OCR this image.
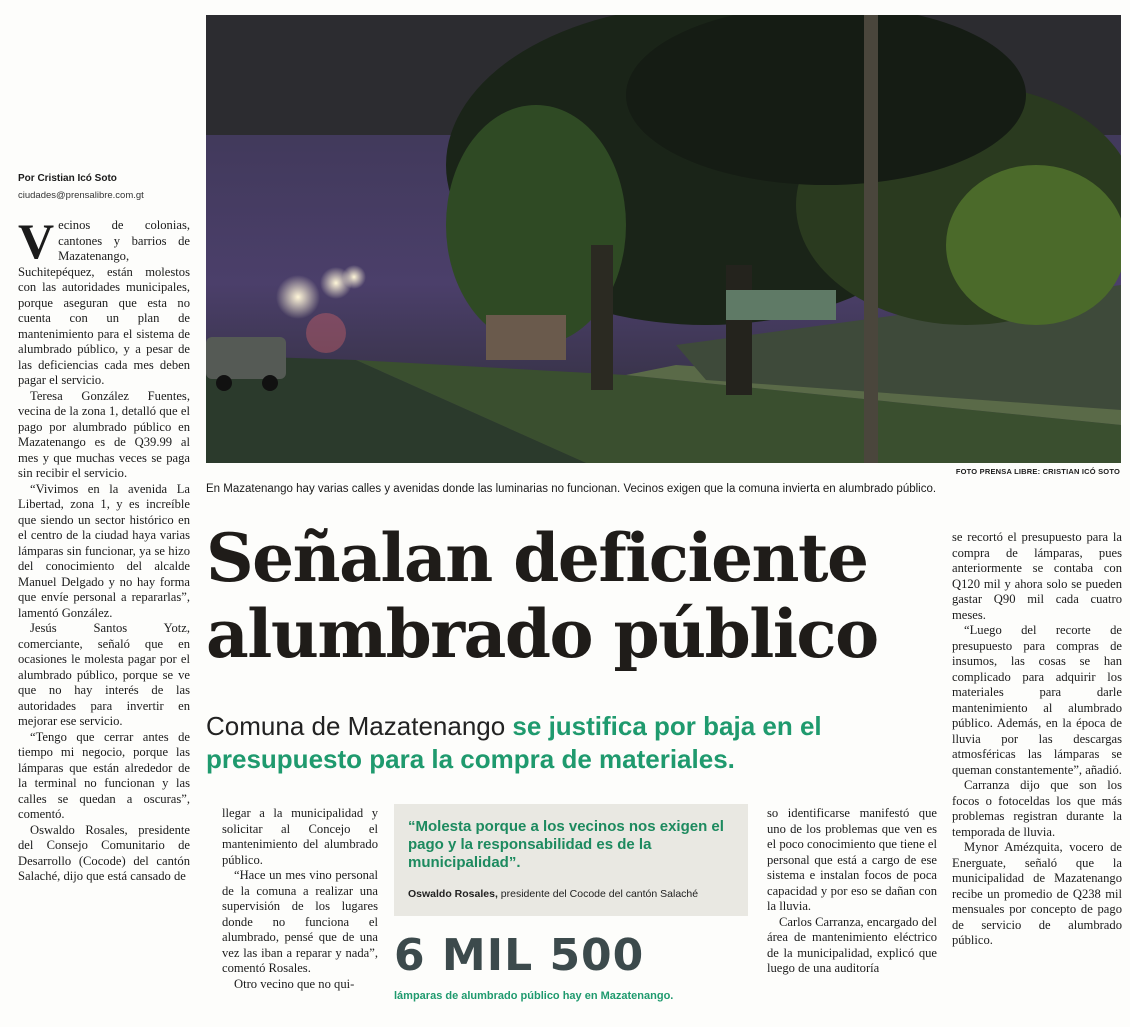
Por Cristian Icó Soto
ciudades@prensalibre.com.gt

Vecinos de colonias, cantones y barrios de Mazatenango, Suchitepéquez, están molestos con las autoridades municipales, porque aseguran que esta no cuenta con un plan de mantenimiento para el sistema de alumbrado público, y a pesar de las deficiencias cada mes deben pagar el servicio.

Teresa González Fuentes, vecina de la zona 1, detalló que el pago por alumbrado público en Mazatenango es de Q39.99 al mes y que muchas veces se paga sin recibir el servicio.

“Vivimos en la avenida La Libertad, zona 1, y es increíble que siendo un sector histórico en el centro de la ciudad haya varias lámparas sin funcionar, ya se hizo del conocimiento del alcalde Manuel Delgado y no hay forma que envíe personal a repararlas”, lamentó González.

Jesús Santos Yotz, comerciante, señaló que en ocasiones le molesta pagar por el alumbrado público, porque se ve que no hay interés de las autoridades para invertir en mejorar ese servicio.

“Tengo que cerrar antes de tiempo mi negocio, porque las lámparas que están alrededor de la terminal no funcionan y las calles se quedan a oscuras”, comentó.

Oswaldo Rosales, presidente del Consejo Comunitario de Desarrollo (Cocode) del cantón Salaché, dijo que está cansado de

FOTO PRENSA LIBRE: CRISTIAN ICÓ SOTO
En Mazatenango hay varias calles y avenidas donde las luminarias no funcionan. Vecinos exigen que la comuna invierta en alumbrado público.
Señalan deficiente
alumbrado público
Comuna de Mazatenango se justifica por baja en el presupuesto para la compra de materiales.

llegar a la municipalidad y solicitar al Concejo el mantenimiento del alumbrado público.

“Hace un mes vino personal de la comuna a realizar una supervisión de los lugares donde no funciona el alumbrado, pensé que de una vez las iban a reparar y nada”, comentó Rosales.

Otro vecino que no qui-

“Molesta porque a los vecinos nos exigen el pago y la responsabilidad es de la municipalidad”.
Oswaldo Rosales, presidente del Cocode del cantón Salaché
6 MIL 500
lámparas de alumbrado público hay en Mazatenango.

so identificarse manifestó que uno de los problemas que ven es el poco conocimiento que tiene el personal que está a cargo de ese sistema e instalan focos de poca capacidad y por eso se dañan con la lluvia.

Carlos Carranza, encargado del área de mantenimiento eléctrico de la municipalidad, explicó que luego de una auditoría

se recortó el presupuesto para la compra de lámparas, pues anteriormente se contaba con Q120 mil y ahora solo se pueden gastar Q90 mil cada cuatro meses.

“Luego del recorte de presupuesto para compras de insumos, las cosas se han complicado para adquirir los materiales para darle mantenimiento al alumbrado público. Además, en la época de lluvia por las descargas atmosféricas las lámparas se queman constantemente”, añadió.

Carranza dijo que son los focos o fotoceldas los que más problemas registran durante la temporada de lluvia.

Mynor Amézquita, vocero de Energuate, señaló que la municipalidad de Mazatenango recibe un promedio de Q238 mil mensuales por concepto de pago de servicio de alumbrado público.
